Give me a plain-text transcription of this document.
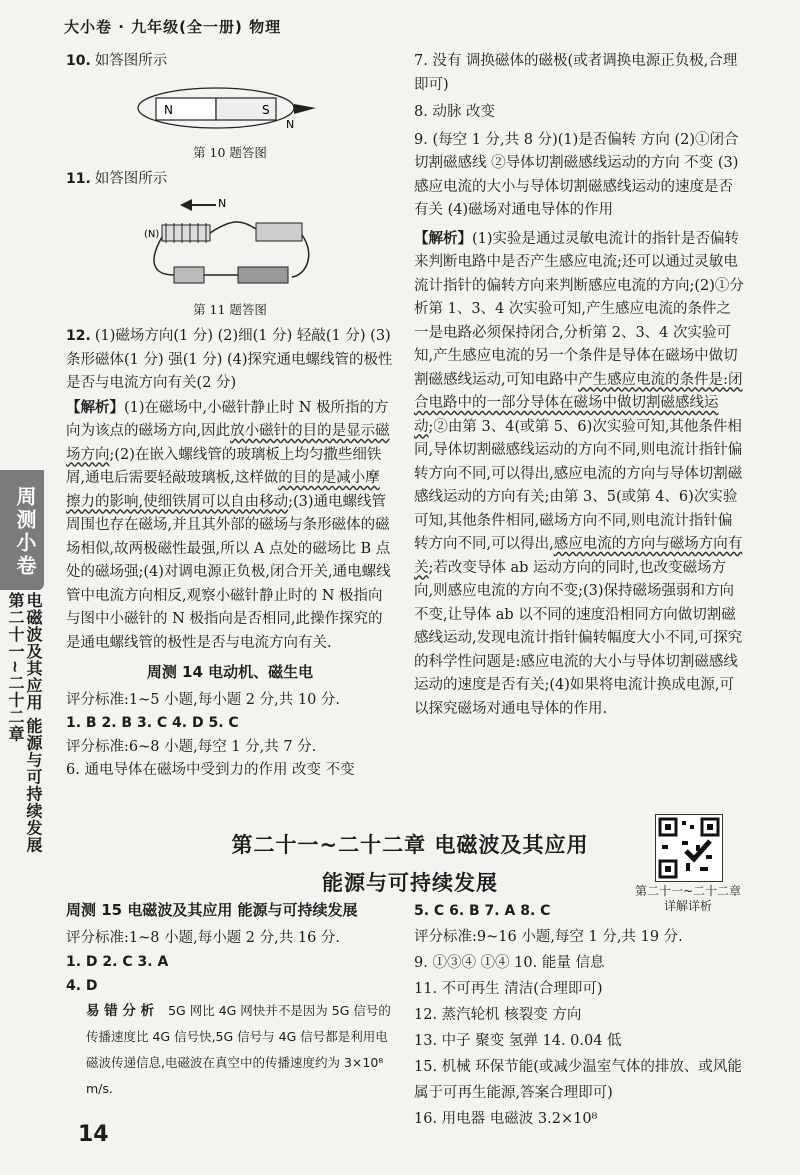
大小卷 · 九年级(全一册) 物理
周测小卷
第二十一~二十二章 电磁波及其应用 能源与可持续发展
10. 如答图所示
N	S
N
第 10 题答图
11. 如答图所示
(N)
N
第 11 题答图
12. (1)磁场方向(1 分) (2)细(1 分) 轻敲(1 分) (3)条形磁体(1 分) 强(1 分) (4)探究通电螺线管的极性是否与电流方向有关(2 分)
【解析】(1)在磁场中,小磁针静止时 N 极所指的方向为该点的磁场方向,因此放小磁针的目的是显示磁场方向;(2)在嵌入螺线管的玻璃板上均匀撒些细铁屑,通电后需要轻敲玻璃板,这样做的目的是减小摩擦力的影响,使细铁屑可以自由移动;(3)通电螺线管周围也存在磁场,并且其外部的磁场与条形磁体的磁场相似,故两极磁性最强,所以 A 点处的磁场比 B 点处的磁场强;(4)对调电源正负极,闭合开关,通电螺线管中电流方向相反,观察小磁针静止时的 N 极指向与图中小磁针的 N 极指向是否相同,此操作探究的是通电螺线管的极性是否与电流方向有关.
周测 14 电动机、磁生电
评分标准:1~5 小题,每小题 2 分,共 10 分.
1. B 2. B 3. C 4. D 5. C
评分标准:6~8 小题,每空 1 分,共 7 分.
6. 通电导体在磁场中受到力的作用 改变 不变
7. 没有 调换磁体的磁极(或者调换电源正负极,合理即可)
8. 动脉 改变
9. (每空 1 分,共 8 分)(1)是否偏转 方向 (2)①闭合 切割磁感线 ②导体切割磁感线运动的方向 不变 (3)感应电流的大小与导体切割磁感线运动的速度是否有关 (4)磁场对通电导体的作用
【解析】(1)实验是通过灵敏电流计的指针是否偏转来判断电路中是否产生感应电流;还可以通过灵敏电流计指针的偏转方向来判断感应电流的方向;(2)①分析第 1、3、4 次实验可知,产生感应电流的条件之一是电路必须保持闭合,分析第 2、3、4 次实验可知,产生感应电流的另一个条件是导体在磁场中做切割磁感线运动,可知电路中产生感应电流的条件是:闭合电路中的一部分导体在磁场中做切割磁感线运动;②由第 3、4(或第 5、6)次实验可知,其他条件相同,导体切割磁感线运动的方向不同,则电流计指针偏转方向不同,可以得出,感应电流的方向与导体切割磁感线运动的方向有关;由第 3、5(或第 4、6)次实验可知,其他条件相同,磁场方向不同,则电流计指针偏转方向不同,可以得出,感应电流的方向与磁场方向有关;若改变导体 ab 运动方向的同时,也改变磁场方向,则感应电流的方向不变;(3)保持磁场强弱和方向不变,让导体 ab 以不同的速度沿相同方向做切割磁感线运动,发现电流计指针偏转幅度大小不同,可探究的科学性问题是:感应电流的大小与导体切割磁感线运动的速度是否有关;(4)如果将电流计换成电源,可以探究磁场对通电导体的作用.
第二十一~二十二章 电磁波及其应用
能源与可持续发展	第二十一~二十二章详解详析
周测 15 电磁波及其应用 能源与可持续发展
评分标准:1~8 小题,每小题 2 分,共 16 分.
1. D 2. C 3. A
4. D
易 错 分 析 5G 网比 4G 网快并不是因为 5G 信号的传播速度比 4G 信号快,5G 信号与 4G 信号都是利用电磁波传递信息,电磁波在真空中的传播速度约为 3×10⁸ m/s.
5. C 6. B 7. A 8. C
评分标准:9~16 小题,每空 1 分,共 19 分.
9. ①③④ ①④ 10. 能量 信息
11. 不可再生 清洁(合理即可)
12. 蒸汽轮机 核裂变 方向
13. 中子 聚变 氢弹 14. 0.04 低
15. 机械 环保节能(或减少温室气体的排放、或风能属于可再生能源,答案合理即可)
16. 用电器 电磁波 3.2×10⁸
14
